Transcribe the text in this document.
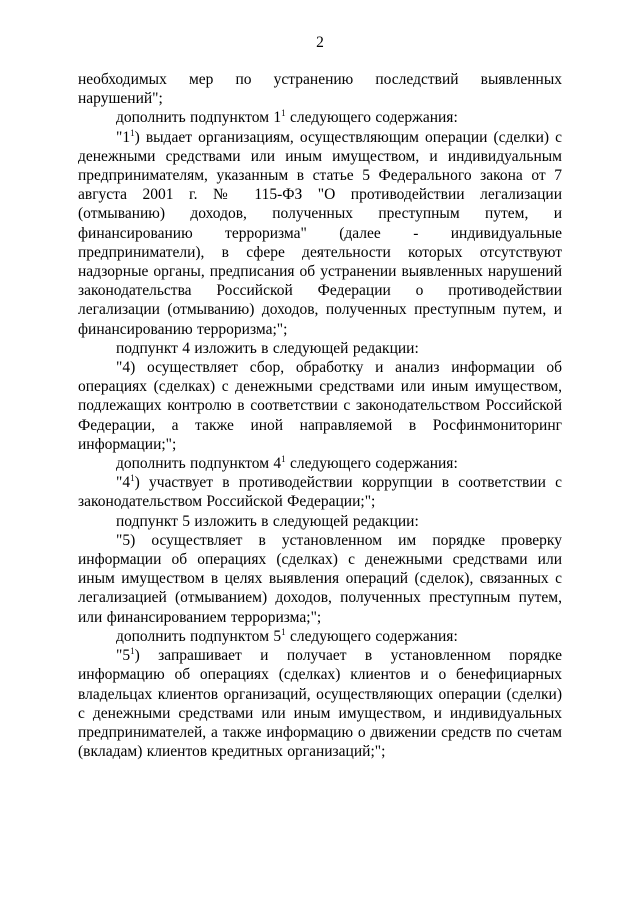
2

необходимых мер по устранению последствий выявленных нарушений";

дополнить подпунктом $1^1$ следующего содержания:

"$1^1$) выдает организациям, осуществляющим операции (сделки) с денежными средствами или иным имуществом, и индивидуальным предпринимателям, указанным в статье 5 Федерального закона от 7 августа 2001 г. № 115-ФЗ "О противодействии легализации (отмыванию) доходов, полученных преступным путем, и финансированию терроризма" (далее - индивидуальные предприниматели), в сфере деятельности которых отсутствуют надзорные органы, предписания об устранении выявленных нарушений законодательства Российской Федерации о противодействии легализации (отмыванию) доходов, полученных преступным путем, и финансированию терроризма;";

подпункт 4 изложить в следующей редакции:

"4) осуществляет сбор, обработку и анализ информации об операциях (сделках) с денежными средствами или иным имуществом, подлежащих контролю в соответствии с законодательством Российской Федерации, а также иной направляемой в Росфинмониторинг информации;";

дополнить подпунктом $4^1$ следующего содержания:

"$4^1$) участвует в противодействии коррупции в соответствии с законодательством Российской Федерации;";

подпункт 5 изложить в следующей редакции:

"5) осуществляет в установленном им порядке проверку информации об операциях (сделках) с денежными средствами или иным имуществом в целях выявления операций (сделок), связанных с легализацией (отмыванием) доходов, полученных преступным путем, или финансированием терроризма;";

дополнить подпунктом $5^1$ следующего содержания:

"$5^1$) запрашивает и получает в установленном порядке информацию об операциях (сделках) клиентов и о бенефициарных владельцах клиентов организаций, осуществляющих операции (сделки) с денежными средствами или иным имуществом, и индивидуальных предпринимателей, а также информацию о движении средств по счетам (вкладам) клиентов кредитных организаций;";
